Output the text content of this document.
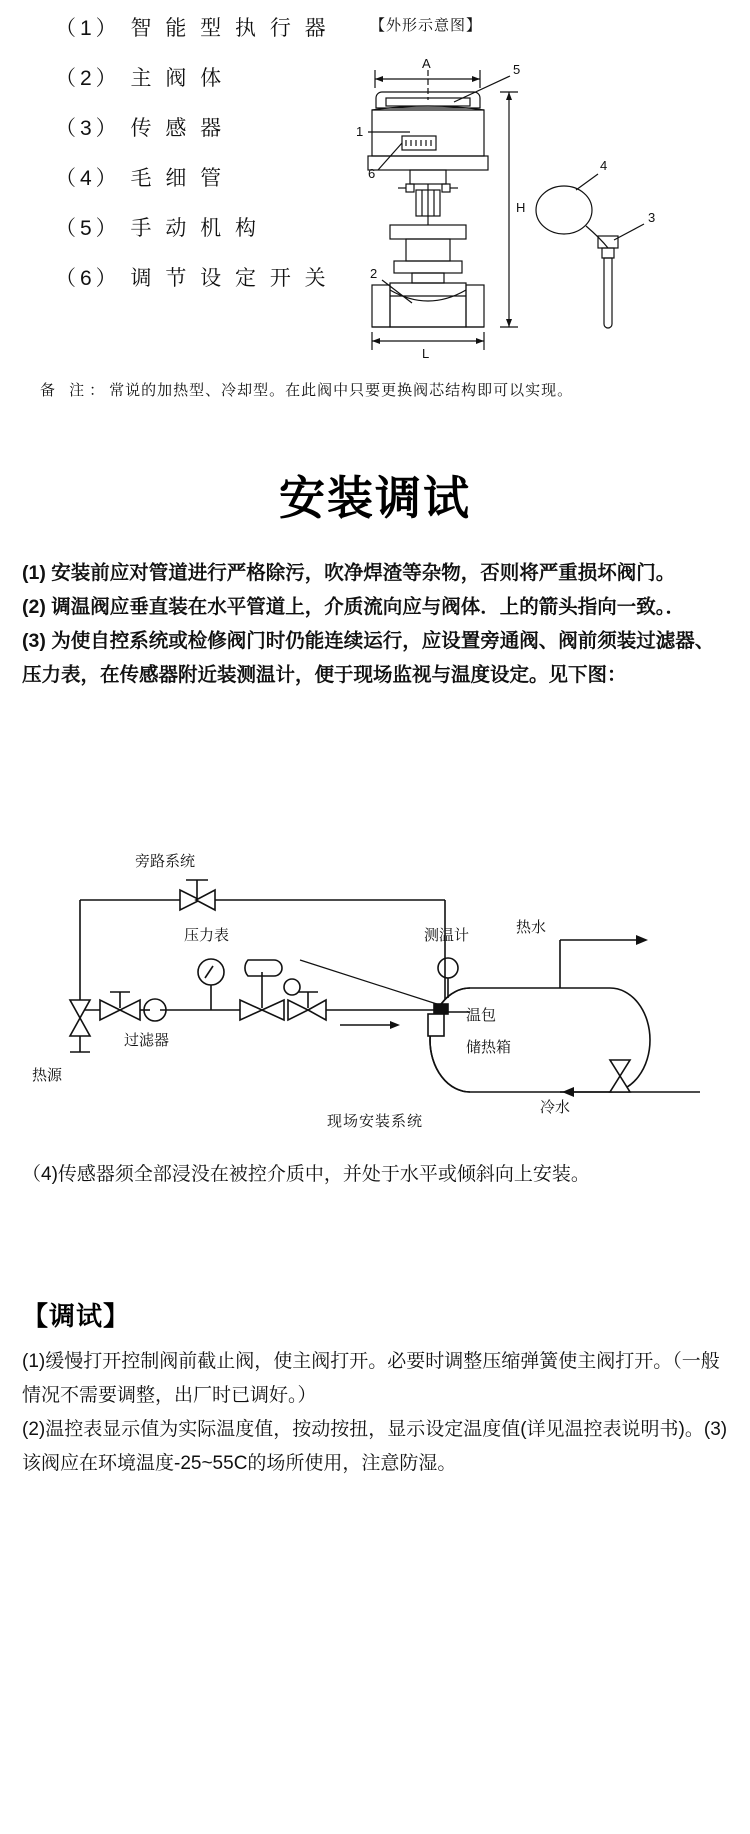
（1） 智 能 型 执 行 器
（2） 主 阀 体
（3） 传 感 器
（4） 毛 细 管
（5） 手 动 机 构
（6） 调 节 设 定 开 关
【外形示意图】
1
6
5
2
4
3
A
L
H
备 注：常说的加热型、冷却型。在此阀中只要更换阀芯结构即可以实现。
安装调试

(1) 安装前应对管道进行严格除污，吹净焊渣等杂物，否则将严重损坏阀门。

(2) 调温阀应垂直装在水平管道上，介质流向应与阀体．上的箭头指向一致。．

(3) 为使自控系统或检修阀门时仍能连续运行，应设置旁通阀、阀前须装过滤器、压力表，在传感器附近装测温计，便于现场监视与温度设定。见下图：

旁路系统
压力表
过滤器
热源
测温计	热水
温包
储热箱
冷水
现场安装系统
（4)传感器须全部浸没在被控介质中，并处于水平或倾斜向上安装。
【调试】

(1)缓慢打开控制阀前截止阀，使主阀打开。必要时调整压缩弹簧使主阀打开。（一般情况不需要调整，出厂时已调好。）

(2)温控表显示值为实际温度值，按动按扭，显示设定温度值(详见温控表说明书)。(3)该阀应在环境温度-25~55C的场所使用，注意防湿。
